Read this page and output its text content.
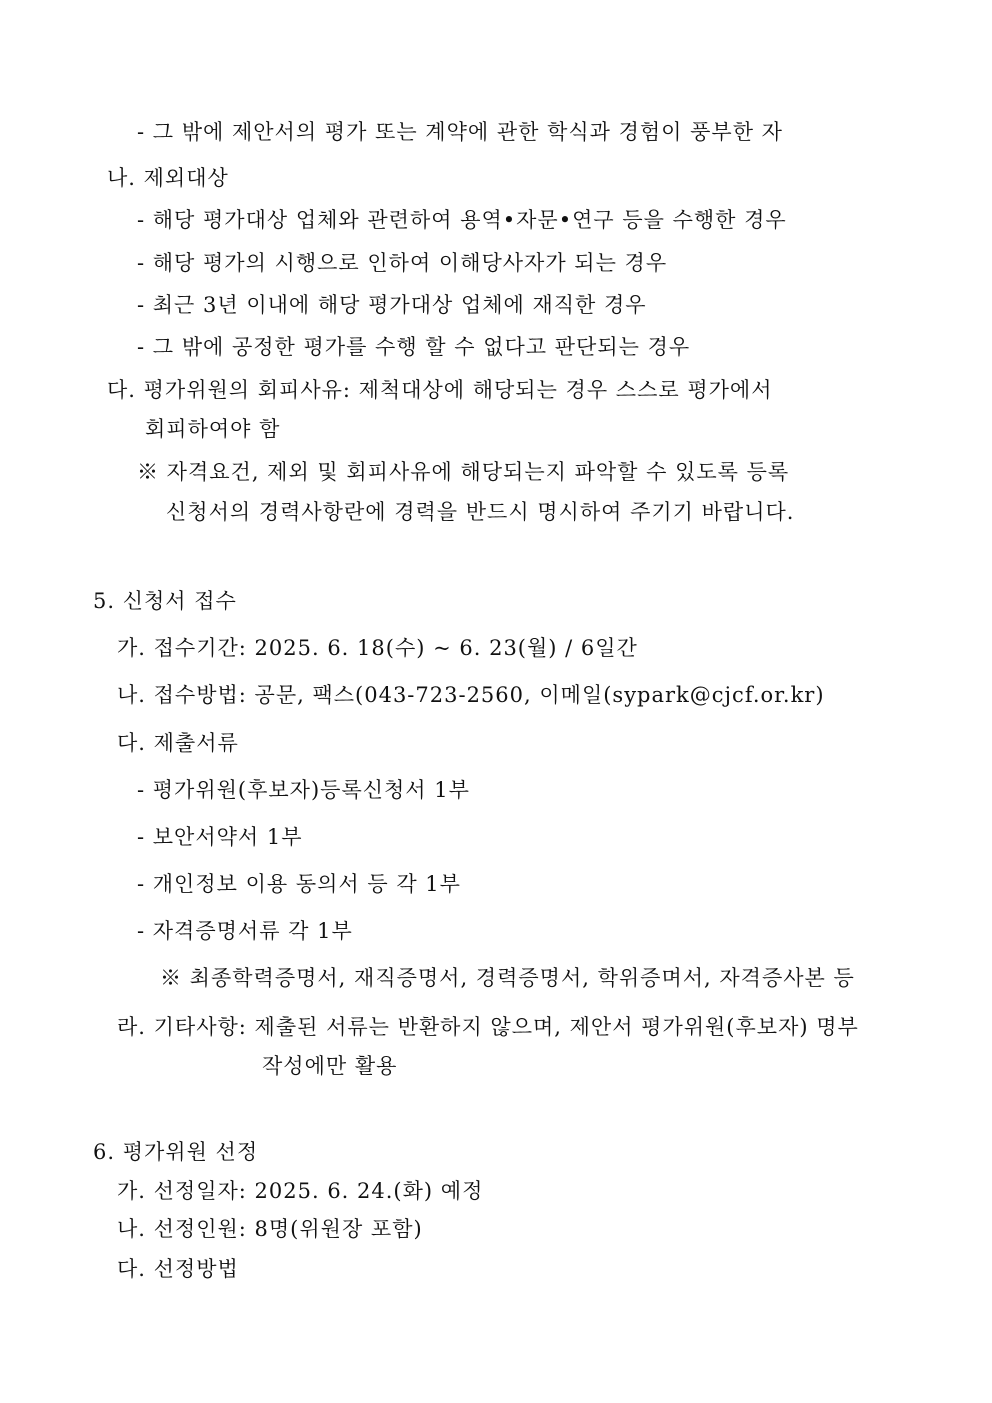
- 그 밖에 제안서의 평가 또는 계약에 관한 학식과 경험이 풍부한 자
나. 제외대상
- 해당 평가대상 업체와 관련하여 용역•자문•연구 등을 수행한 경우
- 해당 평가의 시행으로 인하여 이해당사자가 되는 경우
- 최근 3년 이내에 해당 평가대상 업체에 재직한 경우
- 그 밖에 공정한 평가를 수행 할 수 없다고 판단되는 경우
다. 평가위원의 회피사유: 제척대상에 해당되는 경우 스스로 평가에서
회피하여야 함
※ 자격요건, 제외 및 회피사유에 해당되는지 파악할 수 있도록 등록
신청서의 경력사항란에 경력을 반드시 명시하여 주기기 바랍니다.
5. 신청서 접수
가. 접수기간: 2025. 6. 18(수) ~ 6. 23(월) / 6일간
나. 접수방법: 공문, 팩스(043-723-2560, 이메일(sypark@cjcf.or.kr)
다. 제출서류
- 평가위원(후보자)등록신청서 1부
- 보안서약서 1부
- 개인정보 이용 동의서 등 각 1부
- 자격증명서류 각 1부
※ 최종학력증명서, 재직증명서, 경력증명서, 학위증며서, 자격증사본 등
라. 기타사항: 제출된 서류는 반환하지 않으며, 제안서 평가위원(후보자) 명부
작성에만 활용
6. 평가위원 선정
가. 선정일자: 2025. 6. 24.(화) 예정
나. 선정인원: 8명(위원장 포함)
다. 선정방법
